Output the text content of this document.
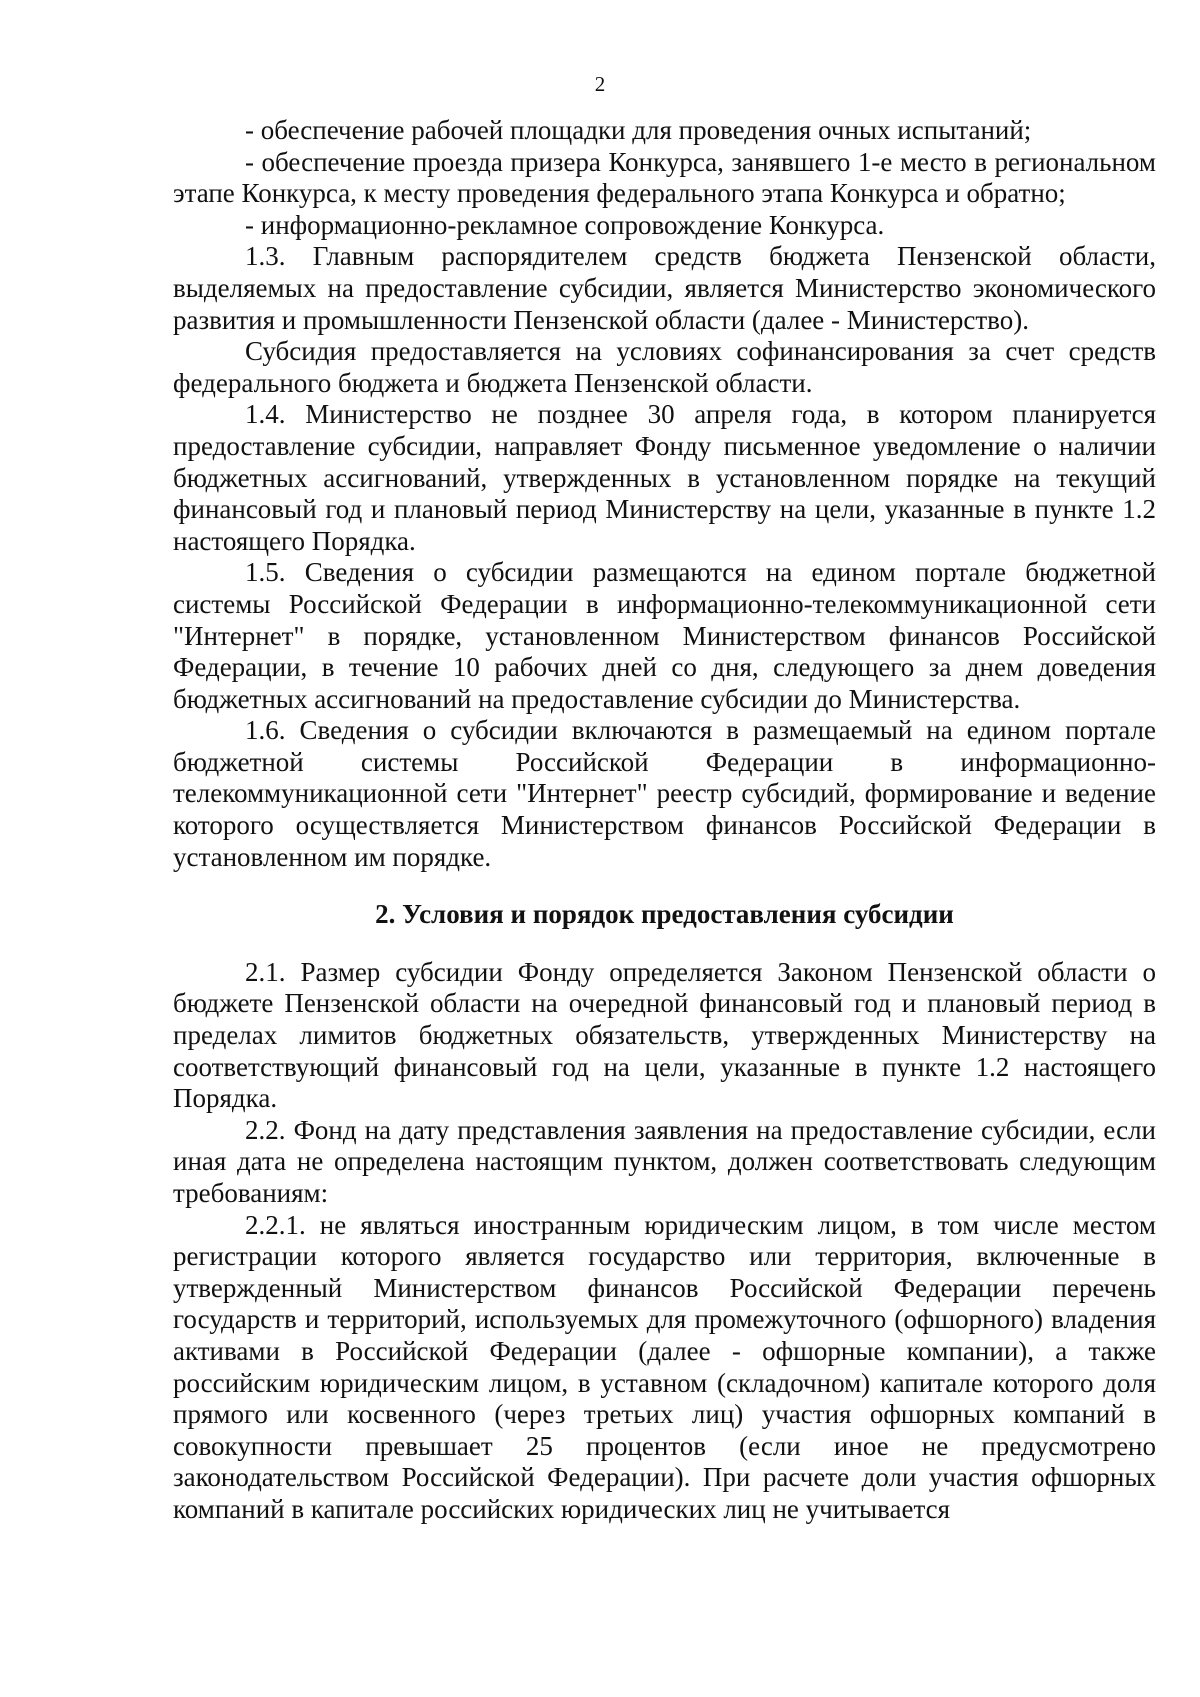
2

- обеспечение рабочей площадки для проведения очных испытаний;

- обеспечение проезда призера Конкурса, занявшего 1-е место в региональном этапе Конкурса, к месту проведения федерального этапа Конкурса и обратно;

- информационно-рекламное сопровождение Конкурса.

1.3. Главным распорядителем средств бюджета Пензенской области, выделяемых на предоставление субсидии, является Министерство экономического развития и промышленности Пензенской области (далее - Министерство).

Субсидия предоставляется на условиях софинансирования за счет средств федерального бюджета и бюджета Пензенской области.

1.4. Министерство не позднее 30 апреля года, в котором планируется предоставление субсидии, направляет Фонду письменное уведомление о наличии бюджетных ассигнований, утвержденных в установленном порядке на текущий финансовый год и плановый период Министерству на цели, указанные в пункте 1.2 настоящего Порядка.

1.5. Сведения о субсидии размещаются на едином портале бюджетной системы Российской Федерации в информационно-телекоммуникационной сети "Интернет" в порядке, установленном Министерством финансов Российской Федерации, в течение 10 рабочих дней со дня, следующего за днем доведения бюджетных ассигнований на предоставление субсидии до Министерства.

1.6. Сведения о субсидии включаются в размещаемый на едином портале бюджетной системы Российской Федерации в информационно-телекоммуникационной сети "Интернет" реестр субсидий, формирование и ведение которого осуществляется Министерством финансов Российской Федерации в установленном им порядке.

2. Условия и порядок предоставления субсидии

2.1. Размер субсидии Фонду определяется Законом Пензенской области о бюджете Пензенской области на очередной финансовый год и плановый период в пределах лимитов бюджетных обязательств, утвержденных Министерству на соответствующий финансовый год на цели, указанные в пункте 1.2 настоящего Порядка.

2.2. Фонд на дату представления заявления на предоставление субсидии, если иная дата не определена настоящим пунктом, должен соответствовать следующим требованиям:

2.2.1. не являться иностранным юридическим лицом, в том числе местом регистрации которого является государство или территория, включенные в утвержденный Министерством финансов Российской Федерации перечень государств и территорий, используемых для промежуточного (офшорного) владения активами в Российской Федерации (далее - офшорные компании), а также российским юридическим лицом, в уставном (складочном) капитале которого доля прямого или косвенного (через третьих лиц) участия офшорных компаний в совокупности превышает 25 процентов (если иное не предусмотрено законодательством Российской Федерации). При расчете доли участия офшорных компаний в капитале российских юридических лиц не учитывается
